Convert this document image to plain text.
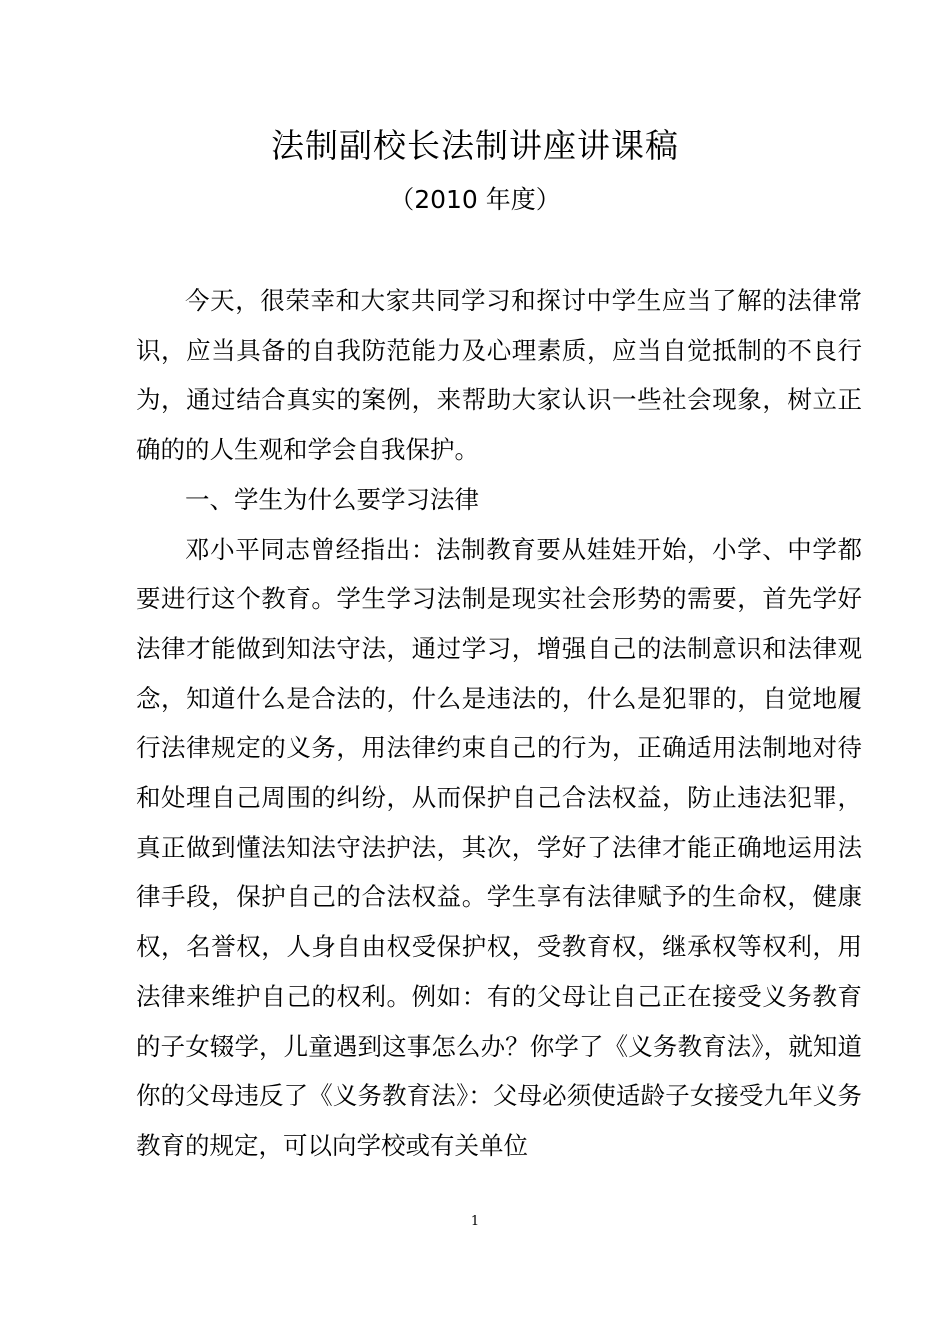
法制副校长法制讲座讲课稿
（2010 年度）

今天，很荣幸和大家共同学习和探讨中学生应当了解的法律常识，应当具备的自我防范能力及心理素质，应当自觉抵制的不良行为，通过结合真实的案例，来帮助大家认识一些社会现象，树立正确的的人生观和学会自我保护。

一、学生为什么要学习法律

邓小平同志曾经指出：法制教育要从娃娃开始，小学、中学都要进行这个教育。学生学习法制是现实社会形势的需要，首先学好法律才能做到知法守法，通过学习，增强自己的法制意识和法律观念，知道什么是合法的，什么是违法的，什么是犯罪的，自觉地履行法律规定的义务，用法律约束自己的行为，正确适用法制地对待和处理自己周围的纠纷，从而保护自己合法权益，防止违法犯罪，真正做到懂法知法守法护法，其次，学好了法律才能正确地运用法律手段，保护自己的合法权益。学生享有法律赋予的生命权，健康权，名誉权，人身自由权受保护权，受教育权，继承权等权利，用法律来维护自己的权利。例如：有的父母让自己正在接受义务教育的子女辍学，儿童遇到这事怎么办？你学了《义务教育法》，就知道你的父母违反了《义务教育法》：父母必须使适龄子女接受九年义务教育的规定，可以向学校或有关单位

1
